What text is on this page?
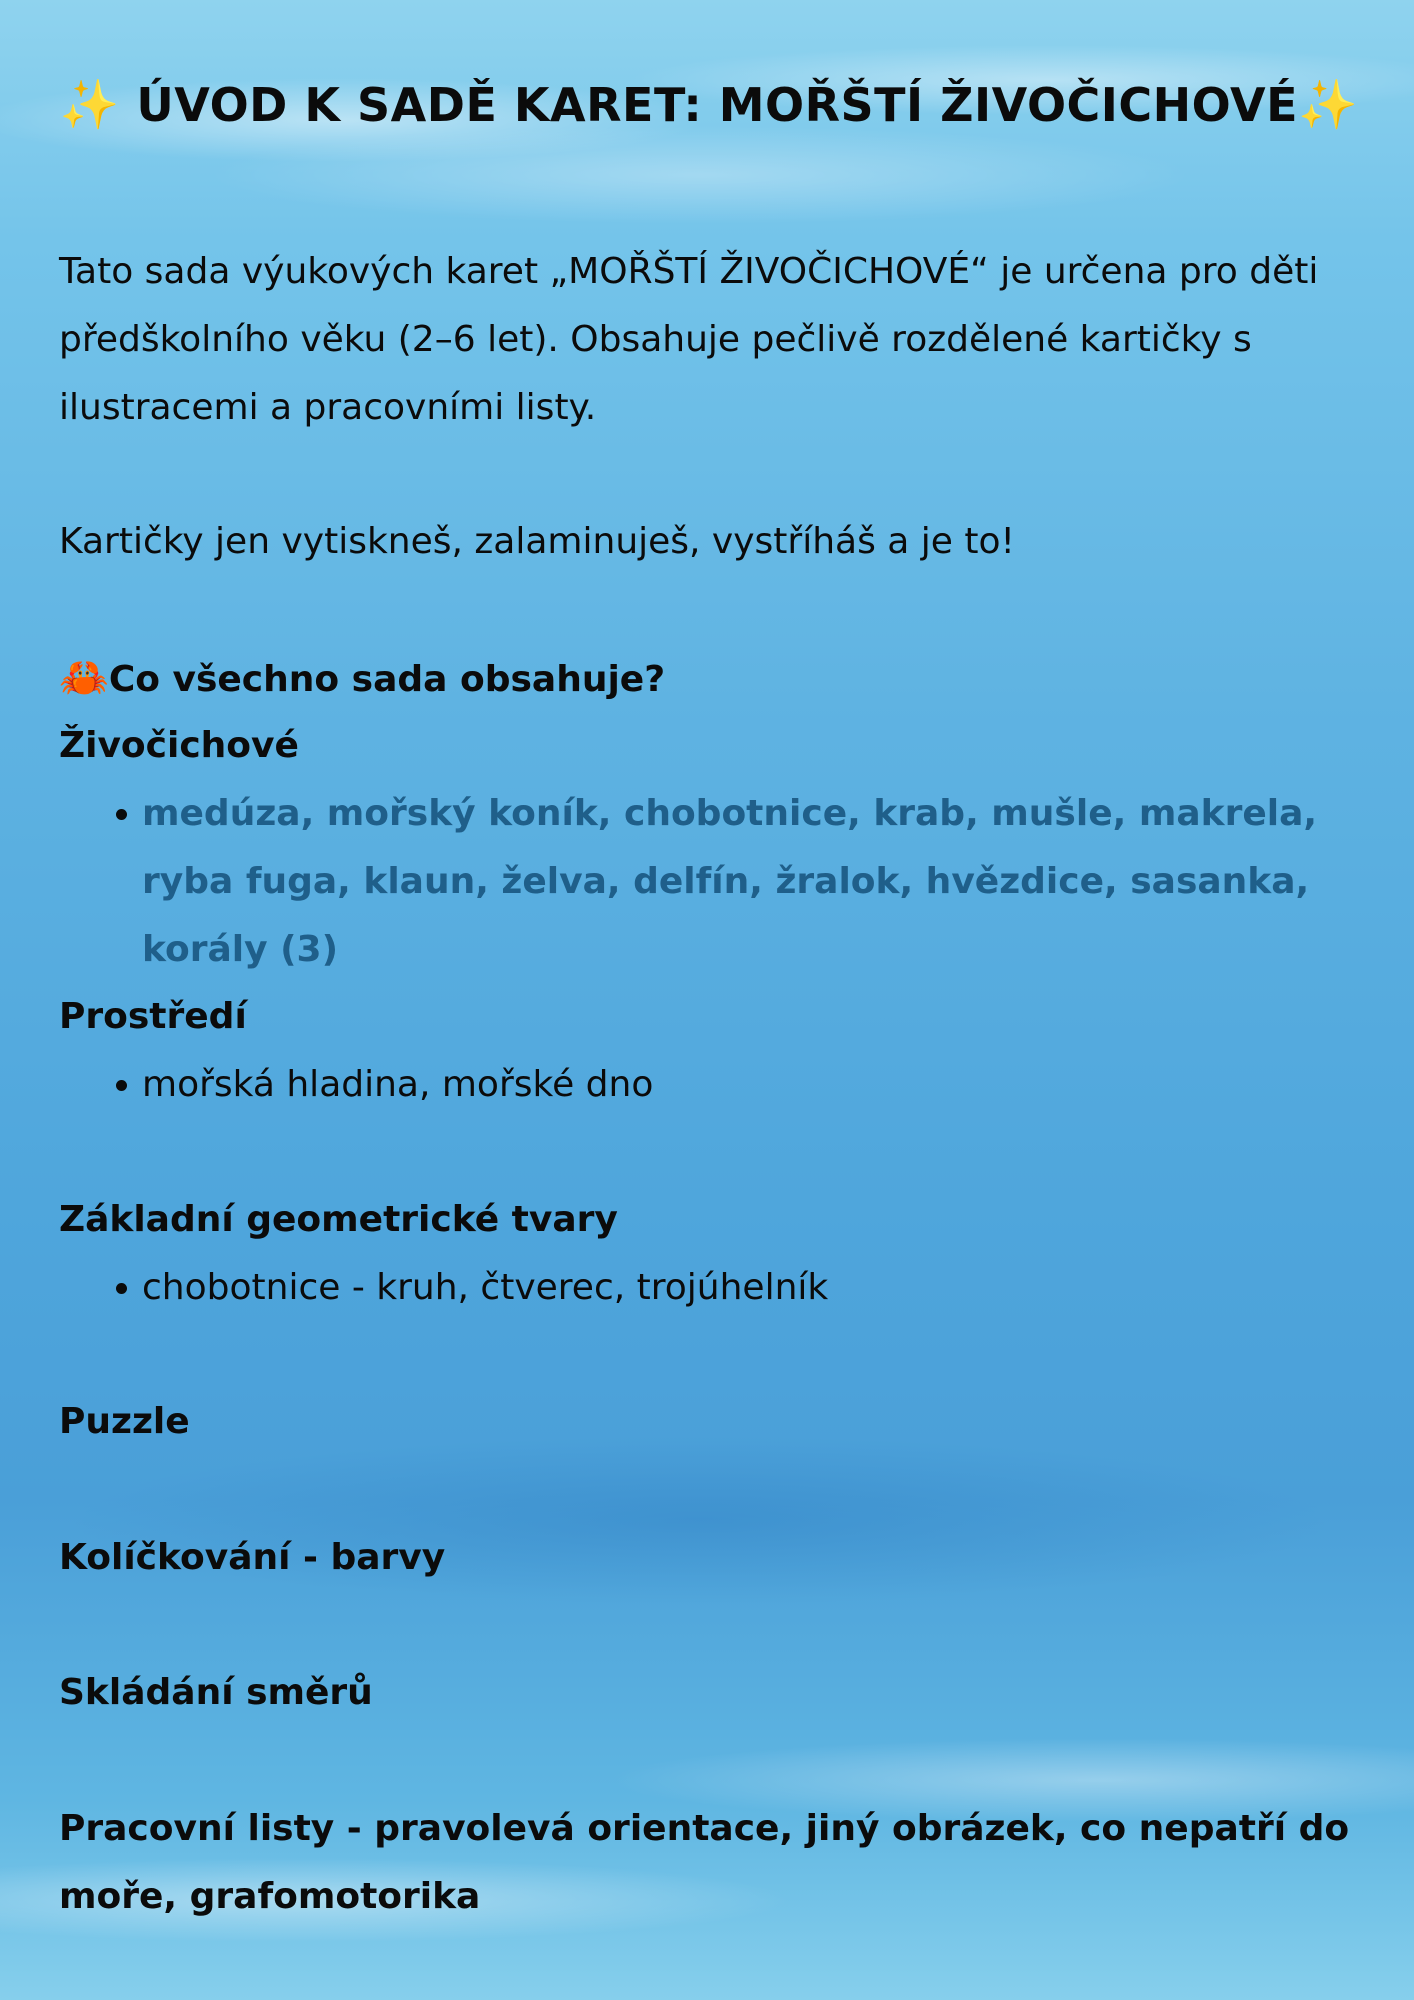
✨ ÚVOD K SADĚ KARET: MOŘŠTÍ ŽIVOČICHOVÉ✨

Tato sada výukových karet „MOŘŠTÍ ŽIVOČICHOVÉ“ je určena pro děti předškolního věku (2–6 let). Obsahuje pečlivě rozdělené kartičky s ilustracemi a pracovními listy.

Kartičky jen vytiskneš, zalaminuješ, vystříháš a je to!

🦀Co všechno sada obsahuje?

Živočichové

medúza, mořský koník, chobotnice, krab, mušle, makrela, ryba fuga, klaun, želva, delfín, žralok, hvězdice, sasanka, korály (3)

Prostředí

mořská hladina, mořské dno

Základní geometrické tvary

chobotnice - kruh, čtverec, trojúhelník

Puzzle

Kolíčkování - barvy

Skládání směrů

Pracovní listy - pravolevá orientace, jiný obrázek, co nepatří do moře, grafomotorika
